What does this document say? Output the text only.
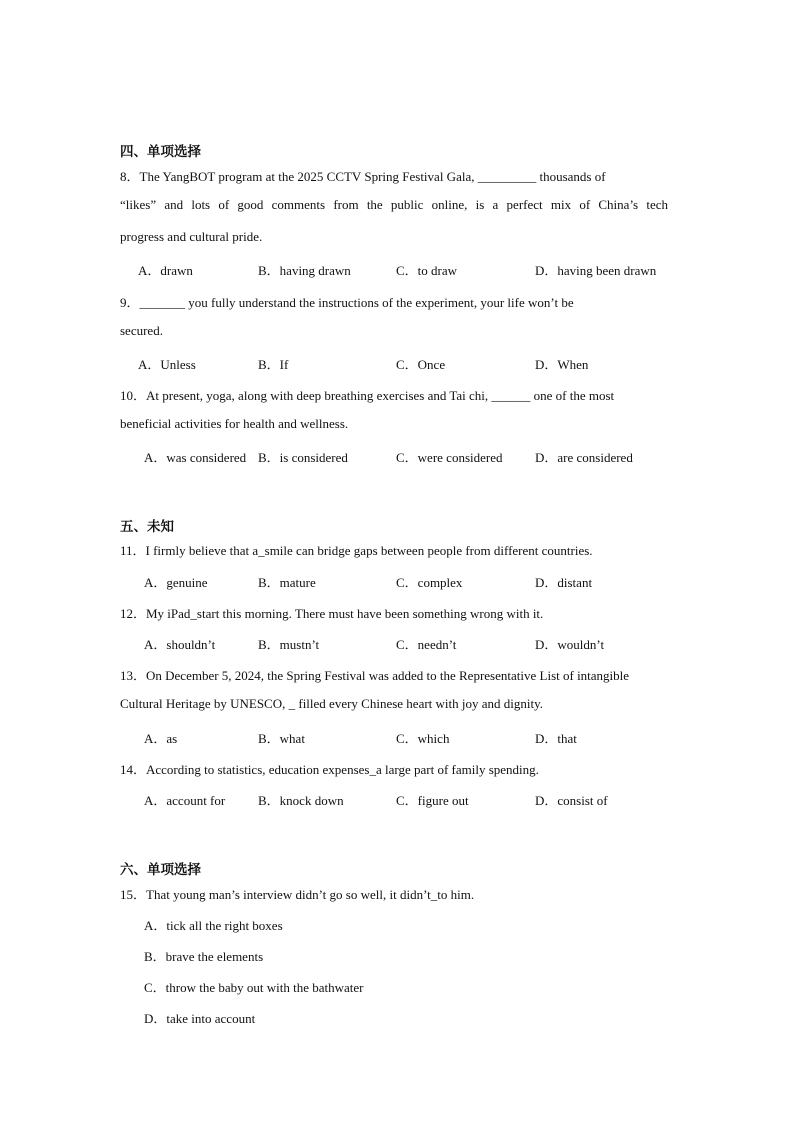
四、单项选择
8．The YangBOT program at the 2025 CCTV Spring Festival Gala, _________ thousands of
“likes” and lots of good comments from the public online, is a perfect mix of China’s tech
progress and cultural pride.
A．drawn	B．having drawn	C．to draw	D．having been drawn
9．_______ you fully understand the instructions of the experiment, your life won’t be
secured.
A．Unless	B．If	C．Once	D．When
10．At present, yoga, along with deep breathing exercises and Tai chi, ______ one of the most
beneficial activities for health and wellness.
A．was considered B．is considered	C．were considered	D．are considered
五、未知
11．I firmly believe that a_smile can bridge gaps between people from different countries.
A．genuine	B．mature	C．complex	D．distant
12．My iPad_start this morning. There must have been something wrong with it.
A．shouldn’t	B．mustn’t	C．needn’t	D．wouldn’t
13．On December 5, 2024, the Spring Festival was added to the Representative List of intangible
Cultural Heritage by UNESCO, _ filled every Chinese heart with joy and dignity.
A．as	B．what	C．which	D．that
14．According to statistics, education expenses_a large part of family spending.
A．account for	B．knock down	C．figure out	D．consist of
六、单项选择
15．That young man’s interview didn’t go so well, it didn’t_to him.
A．tick all the right boxes
B．brave the elements
C．throw the baby out with the bathwater
D．take into account
